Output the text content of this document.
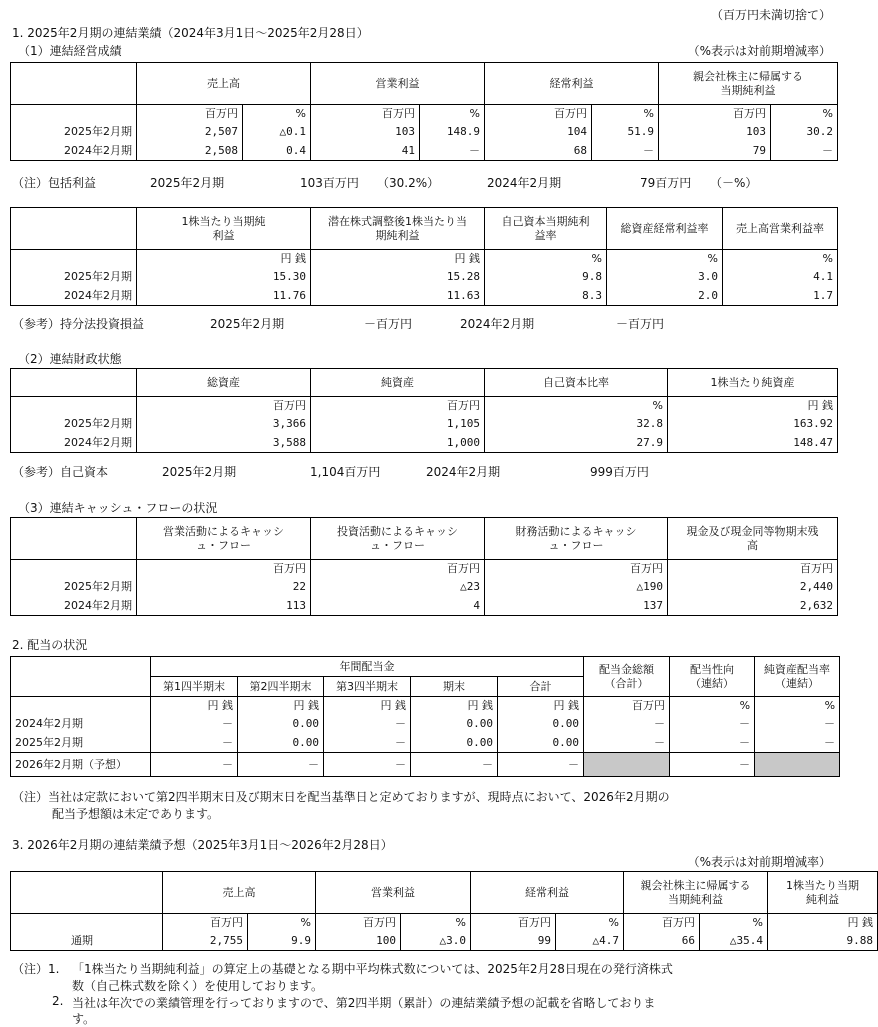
（百万円未満切捨て）
1. 2025年2月期の連結業績（2024年3月1日～2025年2月28日）
（1）連結経営成績	（%表示は対前期増減率）
	売上高		営業利益		経常利益		親会社株主に帰属する当期純利益	
	百万円	%	百万円	%	百万円	%	百万円	%
2025年2月期	2,507	△0.1	103	148.9	104	51.9	103	30.2
2024年2月期	2,508	0.4	41	－	68	－	79	－
（注）包括利益	2025年2月期	103百万円 （30.2%）	2024年2月期	79百万円 （－%）
	1株当たり当期純利益	潜在株式調整後1株当たり当期純利益	自己資本当期純利益率	総資産経常利益率	売上高営業利益率
	円 銭	円 銭	%	%	%
2025年2月期	15.30	15.28	9.8	3.0	4.1
2024年2月期	11.76	11.63	8.3	2.0	1.7
（参考）持分法投資損益	2025年2月期	－百万円	2024年2月期	－百万円
（2）連結財政状態
	総資産	純資産	自己資本比率	1株当たり純資産
	百万円	百万円	%	円 銭
2025年2月期	3,366	1,105	32.8	163.92
2024年2月期	3,588	1,000	27.9	148.47
（参考）自己資本	2025年2月期	1,104百万円	2024年2月期	999百万円
（3）連結キャッシュ・フローの状況
	営業活動によるキャッシュ・フロー	投資活動によるキャッシュ・フロー	財務活動によるキャッシュ・フロー	現金及び現金同等物期末残高
	百万円	百万円	百万円	百万円
2025年2月期	22	△23	△190	2,440
2024年2月期	113	4	137	2,632
2. 配当の状況
	年間配当金					配当金総額（合計）	配当性向（連結）	純資産配当率（連結）
	第1四半期末	第2四半期末	第3四半期末	期末	合計			
	円 銭	円 銭	円 銭	円 銭	円 銭	百万円	%	%
2024年2月期	－	0.00	－	0.00	0.00	－	－	－
2025年2月期	－	0.00	－	0.00	0.00	－	－	－
2026年2月期（予想）	－	－	－	－	－		－	
（注）当社は定款において第2四半期末日及び期末日を配当基準日と定めておりますが、現時点において、2026年2月期の
配当予想額は未定であります。
3. 2026年2月期の連結業績予想（2025年3月1日～2026年2月28日）
（%表示は対前期増減率）
	売上高		営業利益		経常利益		親会社株主に帰属する当期純利益		1株当たり当期純利益
	百万円	%	百万円	%	百万円	%	百万円	%	円 銭
通期	2,755	9.9	100	△3.0	99	△4.7	66	△35.4	9.88
（注）1. 「1株当たり当期純利益」の算定上の基礎となる期中平均株式数については、2025年2月28日現在の発行済株式
数（自己株式数を除く）を使用しております。
2. 当社は年次での業績管理を行っておりますので、第2四半期（累計）の連結業績予想の記載を省略しておりま
す。
